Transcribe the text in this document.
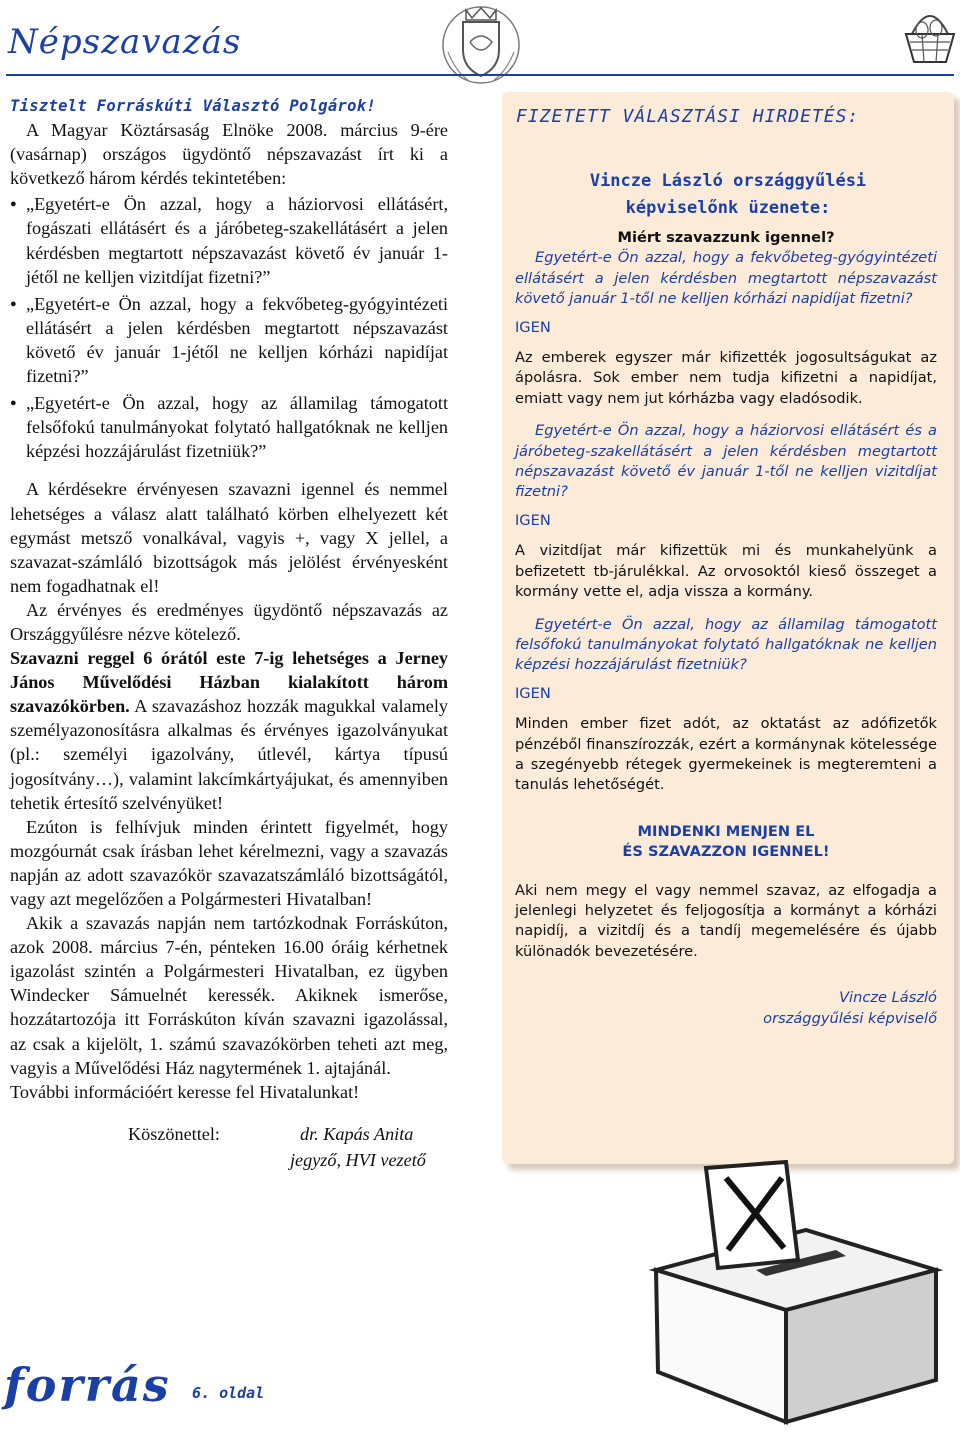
Népszavazás
Tisztelt Forráskúti Választó Polgárok!

A Magyar Köztársaság Elnöke 2008. március 9-ére (vasárnap) országos ügydöntő népszavazást írt ki a következő három kérdés tekintetében:

● „Egyetért-e Ön azzal, hogy a háziorvosi ellátásért, fogászati ellátásért és a járóbeteg-szakellátásért a jelen kérdésben megtartott népszavazást követő év január 1-jétől ne kelljen vizitdíjat fizetni?”
● „Egyetért-e Ön azzal, hogy a fekvőbeteg-gyógyintézeti ellátásért a jelen kérdésben megtartott népszavazást követő év január 1-jétől ne kelljen kórházi napidíjat fizetni?”
● „Egyetért-e Ön azzal, hogy az államilag támogatott felsőfokú tanulmányokat folytató hallgatóknak ne kelljen képzési hozzájárulást fizetniük?”

A kérdésekre érvényesen szavazni igennel és nemmel lehetséges a válasz alatt található körben elhelyezett két egymást metsző vonalkával, vagyis +, vagy X jellel, a szavazat-számláló bizottságok más jelölést érvényesként nem fogadhatnak el!

Az érvényes és eredményes ügydöntő népszavazás az Országgyűlésre nézve kötelező.

Szavazni reggel 6 órától este 7-ig lehetséges a Jerney János Művelődési Házban kialakított három szavazókörben. A szavazáshoz hozzák magukkal valamely személyazonosításra alkalmas és érvényes igazolványukat (pl.: személyi igazolvány, útlevél, kártya típusú jogosítvány…), valamint lakcímkártyájukat, és amennyiben tehetik értesítő szelvényüket!

Ezúton is felhívjuk minden érintett figyelmét, hogy mozgóurnát csak írásban lehet kérelmezni, vagy a szavazás napján az adott szavazókör szavazatszámláló bizottságától, vagy azt megelőzően a Polgármesteri Hivatalban!

Akik a szavazás napján nem tartózkodnak Forráskúton, azok 2008. március 7-én, pénteken 16.00 óráig kérhetnek igazolást szintén a Polgármesteri Hivatalban, ez ügyben Windecker Sámuelnét keressék. Akiknek ismerőse, hozzátartozója itt Forráskúton kíván szavazni igazolással, az csak a kijelölt, 1. számú szavazókörben teheti azt meg, vagyis a Művelődési Ház nagytermének 1. ajtajánál.

További információért keresse fel Hivatalunkat!

Köszönettel:	dr. Kapás Anita
jegyző, HVI vezető
FIZETETT VÁLASZTÁSI HIRDETÉS:
Vincze László országgyűlési
képviselőnk üzenete:

Miért szavazzunk igennel?

Egyetért-e Ön azzal, hogy a fekvőbeteg-gyógyintézeti ellátásért a jelen kérdésben megtartott népszavazást követő január 1-től ne kelljen kórházi napidíjat fizetni?

IGEN

Az emberek egyszer már kifizették jogosultságukat az ápolásra. Sok ember nem tudja kifizetni a napidíjat, emiatt vagy nem jut kórházba vagy eladósodik.

Egyetért-e Ön azzal, hogy a háziorvosi ellátásért és a járóbeteg-szakellátásért a jelen kérdésben megtartott népszavazást követő év január 1-től ne kelljen vizitdíjat fizetni?

IGEN

A vizitdíjat már kifizettük mi és munkahelyünk a befizetett tb-járulékkal. Az orvosoktól kieső összeget a kormány vette el, adja vissza a kormány.

Egyetért-e Ön azzal, hogy az államilag támogatott felsőfokú tanulmányokat folytató hallgatóknak ne kelljen képzési hozzájárulást fizetniük?

IGEN

Minden ember fizet adót, az oktatást az adófizetők pénzéből finanszírozzák, ezért a kormánynak kötelessége a szegényebb rétegek gyermekeinek is megteremteni a tanulás lehetőségét.

MINDENKI MENJEN EL
ÉS SZAVAZZON IGENNEL!

Aki nem megy el vagy nemmel szavaz, az elfogadja a jelenlegi helyzetet és feljogosítja a kormányt a kórházi napidíj, a vizitdíj és a tandíj megemelésére és újabb különadók bevezetésére.

Vincze László
országgyűlési képviselő
forrás 6. oldal
